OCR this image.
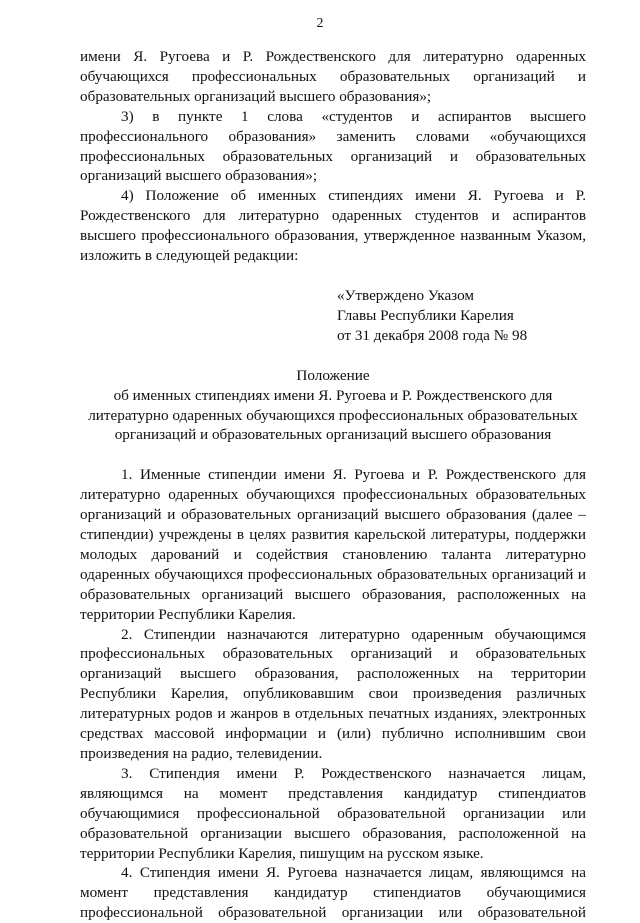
2

имени Я. Ругоева и Р. Рождественского для литературно одаренных обучающихся профессиональных образовательных организаций и образовательных организаций высшего образования»;

3) в пункте 1 слова «студентов и аспирантов высшего профессионального образования» заменить словами «обучающихся профессиональных образовательных организаций и образовательных организаций высшего образования»;

4) Положение об именных стипендиях имени Я. Ругоева и Р. Рождественского для литературно одаренных студентов и аспирантов высшего профессионального образования, утвержденное названным Указом, изложить в следующей редакции:

«Утверждено Указом
Главы Республики Карелия
от 31 декабря 2008 года № 98
Положение
об именных стипендиях имени Я. Ругоева и Р. Рождественского для литературно одаренных обучающихся профессиональных образовательных организаций и образовательных организаций высшего образования

1. Именные стипендии имени Я. Ругоева и Р. Рождественского для литературно одаренных обучающихся профессиональных образовательных организаций и образовательных организаций высшего образования (далее – стипендии) учреждены в целях развития карельской литературы, поддержки молодых дарований и содействия становлению таланта литературно одаренных обучающихся профессиональных образовательных организаций и образовательных организаций высшего образования, расположенных на территории Республики Карелия.

2. Стипендии назначаются литературно одаренным обучающимся профессиональных образовательных организаций и образовательных организаций высшего образования, расположенных на территории Республики Карелия, опубликовавшим свои произведения различных литературных родов и жанров в отдельных печатных изданиях, электронных средствах массовой информации и (или) публично исполнившим свои произведения на радио, телевидении.

3. Стипендия имени Р. Рождественского назначается лицам, являющимся на момент представления кандидатур стипендиатов обучающимися профессиональной образовательной организации или образовательной организации высшего образования, расположенной на территории Республики Карелия, пишущим на русском языке.

4. Стипендия имени Я. Ругоева назначается лицам, являющимся на момент представления кандидатур стипендиатов обучающимися профессиональной образовательной организации или образовательной
